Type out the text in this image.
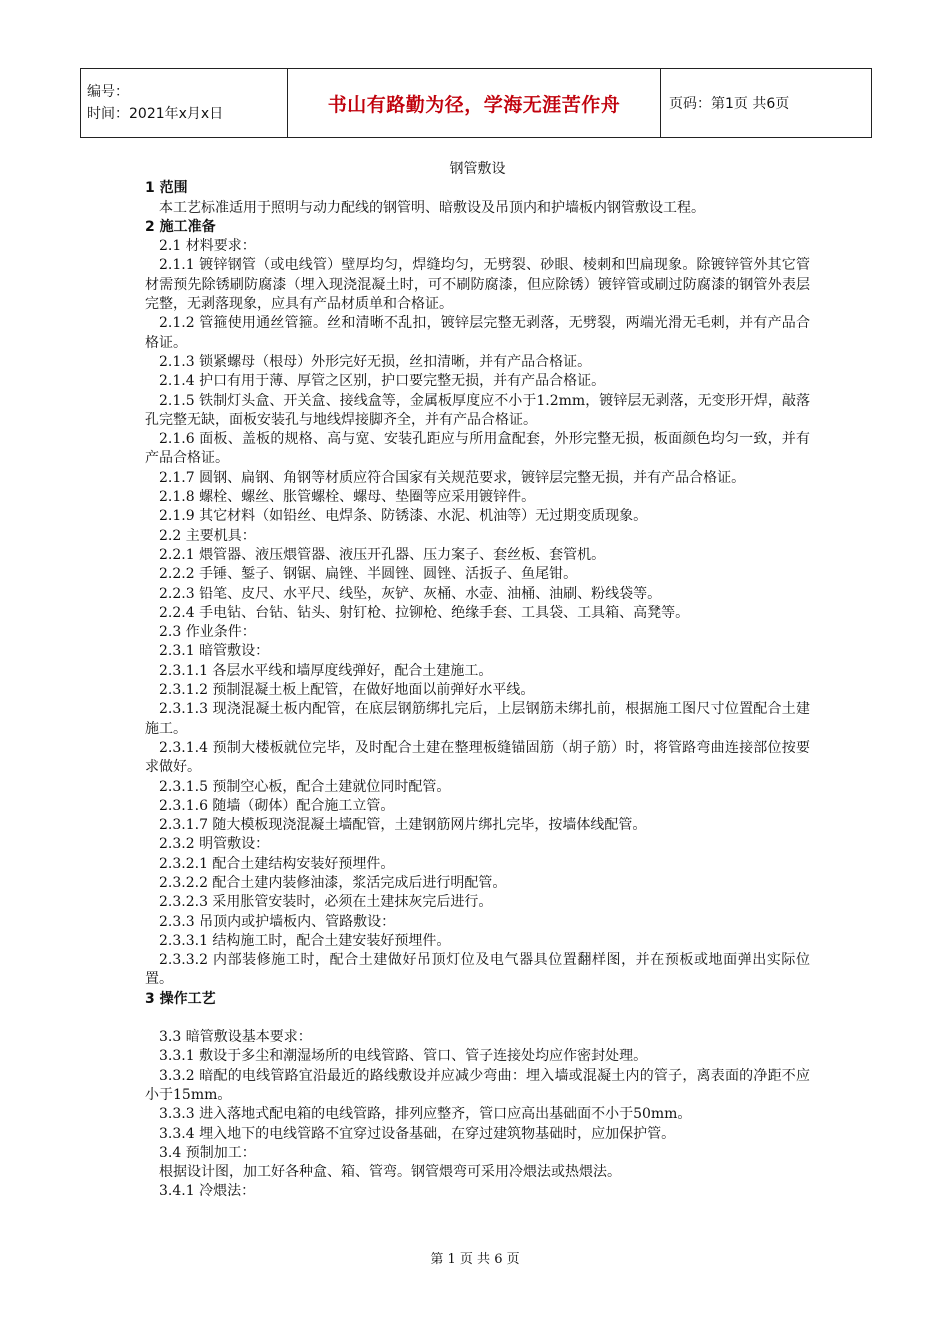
编号：
时间：2021年x月x日	书山有路勤为径，学海无涯苦作舟	页码：第1页 共6页
钢管敷设

1 范围

本工艺标准适用于照明与动力配线的钢管明、暗敷设及吊顶内和护墙板内钢管敷设工程。

2 施工准备

2.1 材料要求：

2.1.1 镀锌钢管（或电线管）壁厚均匀，焊缝均匀，无劈裂、砂眼、棱刺和凹扁现象。除镀锌管外其它管材需预先除锈刷防腐漆（埋入现浇混凝土时，可不刷防腐漆，但应除锈）镀锌管或刷过防腐漆的钢管外表层完整，无剥落现象，应具有产品材质单和合格证。

2.1.2 管箍使用通丝管箍。丝和清晰不乱扣，镀锌层完整无剥落，无劈裂，两端光滑无毛刺，并有产品合格证。

2.1.3 锁紧螺母（根母）外形完好无损，丝扣清晰，并有产品合格证。

2.1.4 护口有用于薄、厚管之区别，护口要完整无损，并有产品合格证。

2.1.5 铁制灯头盒、开关盒、接线盒等，金属板厚度应不小于1.2mm，镀锌层无剥落，无变形开焊，敲落孔完整无缺，面板安装孔与地线焊接脚齐全，并有产品合格证。

2.1.6 面板、盖板的规格、高与宽、安装孔距应与所用盒配套，外形完整无损，板面颜色均匀一致，并有产品合格证。

2.1.7 圆钢、扁钢、角钢等材质应符合国家有关规范要求，镀锌层完整无损，并有产品合格证。

2.1.8 螺栓、螺丝、胀管螺栓、螺母、垫圈等应采用镀锌件。

2.1.9 其它材料（如铅丝、电焊条、防锈漆、水泥、机油等）无过期变质现象。

2.2 主要机具：

2.2.1 煨管器、液压煨管器、液压开孔器、压力案子、套丝板、套管机。

2.2.2 手锤、錾子、钢锯、扁锉、半圆锉、圆锉、活扳子、鱼尾钳。

2.2.3 铅笔、皮尺、水平尺、线坠，灰铲、灰桶、水壶、油桶、油刷、粉线袋等。

2.2.4 手电钻、台钻、钻头、射钉枪、拉铆枪、绝缘手套、工具袋、工具箱、高凳等。

2.3 作业条件：

2.3.1 暗管敷设：

2.3.1.1 各层水平线和墙厚度线弹好，配合土建施工。

2.3.1.2 预制混凝土板上配管，在做好地面以前弹好水平线。

2.3.1.3 现浇混凝土板内配管，在底层钢筋绑扎完后，上层钢筋未绑扎前，根据施工图尺寸位置配合土建施工。

2.3.1.4 预制大楼板就位完毕，及时配合土建在整理板缝锚固筋（胡子筋）时，将管路弯曲连接部位按要求做好。

2.3.1.5 预制空心板，配合土建就位同时配管。

2.3.1.6 随墙（砌体）配合施工立管。

2.3.1.7 随大模板现浇混凝土墙配管，土建钢筋网片绑扎完毕，按墙体线配管。

2.3.2 明管敷设：

2.3.2.1 配合土建结构安装好预埋件。

2.3.2.2 配合土建内装修油漆，浆活完成后进行明配管。

2.3.2.3 采用胀管安装时，必须在土建抹灰完后进行。

2.3.3 吊顶内或护墙板内、管路敷设：

2.3.3.1 结构施工时，配合土建安装好预埋件。

2.3.3.2 内部装修施工时，配合土建做好吊顶灯位及电气器具位置翻样图，并在预板或地面弹出实际位置。

3 操作工艺

3.3 暗管敷设基本要求：

3.3.1 敷设于多尘和潮湿场所的电线管路、管口、管子连接处均应作密封处理。

3.3.2 暗配的电线管路宜沿最近的路线敷设并应减少弯曲：埋入墙或混凝土内的管子，离表面的净距不应小于15mm。

3.3.3 进入落地式配电箱的电线管路，排列应整齐，管口应高出基础面不小于50mm。

3.3.4 埋入地下的电线管路不宜穿过设备基础，在穿过建筑物基础时，应加保护管。

3.4 预制加工：

根据设计图，加工好各种盒、箱、管弯。钢管煨弯可采用冷煨法或热煨法。

3.4.1 冷煨法：

第 1 页 共 6 页
